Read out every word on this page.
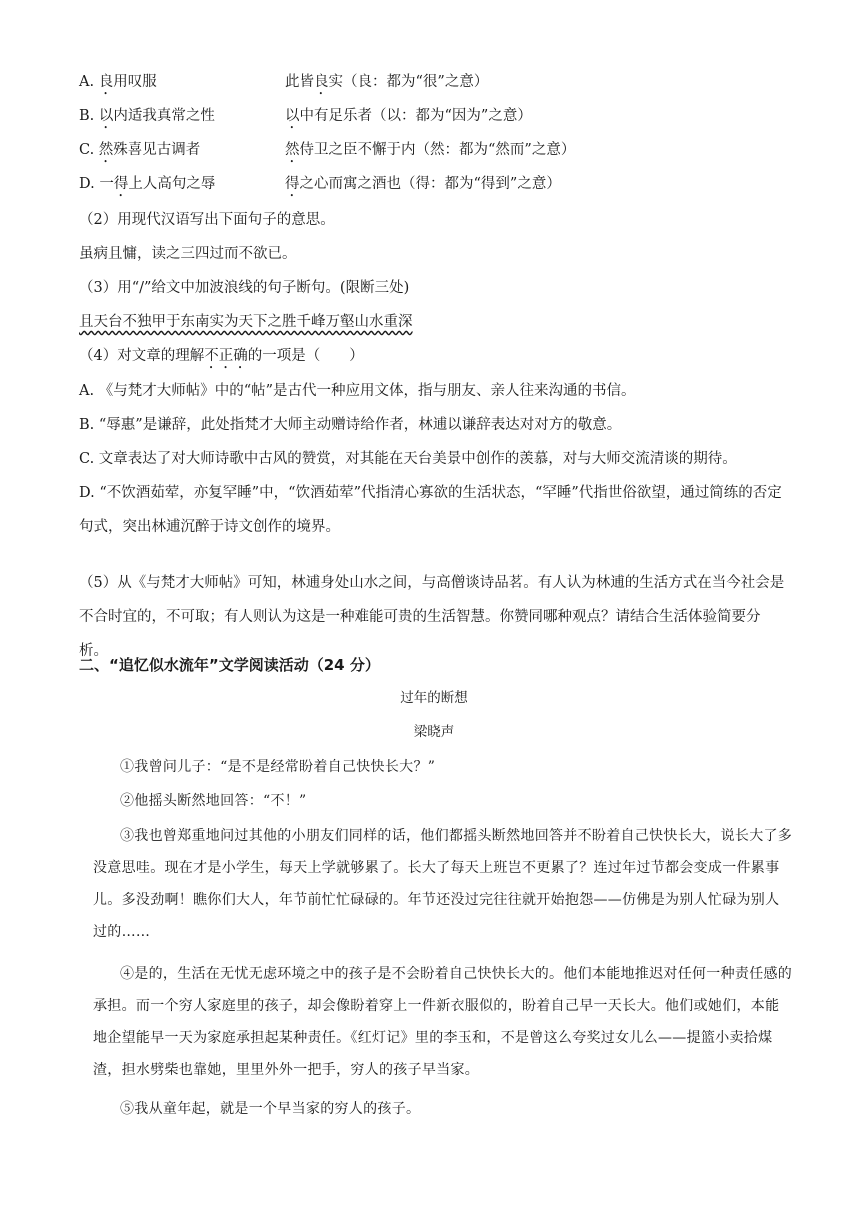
A. 良用叹服	此皆良实（良：都为“很”之意）
B. 以内适我真常之性	以中有足乐者（以：都为“因为”之意）
C. 然殊喜见古调者	然侍卫之臣不懈于内（然：都为“然而”之意）
D. 一得上人高句之辱	得之心而寓之酒也（得：都为“得到”之意）
（2）用现代汉语写出下面句子的意思。
虽病且慵，读之三四过而不欲已。
（3）用“/”给文中加波浪线的句子断句。(限断三处)
且天台不独甲于东南实为天下之胜千峰万壑山水重深
（4）对文章的理解不正确的一项是（　　）
A. 《与梵才大师帖》中的“帖”是古代一种应用文体，指与朋友、亲人往来沟通的书信。
B. “辱惠”是谦辞，此处指梵才大师主动赠诗给作者，林逋以谦辞表达对对方的敬意。
C. 文章表达了对大师诗歌中古风的赞赏，对其能在天台美景中创作的羡慕，对与大师交流清谈的期待。
D. “不饮酒茹荤，亦复罕睡”中，“饮酒茹荤”代指清心寡欲的生活状态，“罕睡”代指世俗欲望，通过简练的否定句式，突出林逋沉醉于诗文创作的境界。
（5）从《与梵才大师帖》可知，林逋身处山水之间，与高僧谈诗品茗。有人认为林逋的生活方式在当今社会是不合时宜的，不可取；有人则认为这是一种难能可贵的生活智慧。你赞同哪种观点？请结合生活体验简要分析。
二、“追忆似水流年”文学阅读活动（24 分）
过年的断想
梁晓声
①我曾问儿子：“是不是经常盼着自己快快长大？”
②他摇头断然地回答：“不！”
③我也曾郑重地问过其他的小朋友们同样的话，他们都摇头断然地回答并不盼着自己快快长大，说长大了多没意思哇。现在才是小学生，每天上学就够累了。长大了每天上班岂不更累了？连过年过节都会变成一件累事儿。多没劲啊！瞧你们大人，年节前忙忙碌碌的。年节还没过完往往就开始抱怨——仿佛是为别人忙碌为别人过的……
④是的，生活在无忧无虑环境之中的孩子是不会盼着自己快快长大的。他们本能地推迟对任何一种责任感的承担。而一个穷人家庭里的孩子，却会像盼着穿上一件新衣服似的，盼着自己早一天长大。他们或她们，本能地企望能早一天为家庭承担起某种责任。《红灯记》里的李玉和，不是曾这么夸奖过女儿么——提篮小卖拾煤渣，担水劈柴也靠她，里里外外一把手，穷人的孩子早当家。
⑤我从童年起，就是一个早当家的穷人的孩子。
